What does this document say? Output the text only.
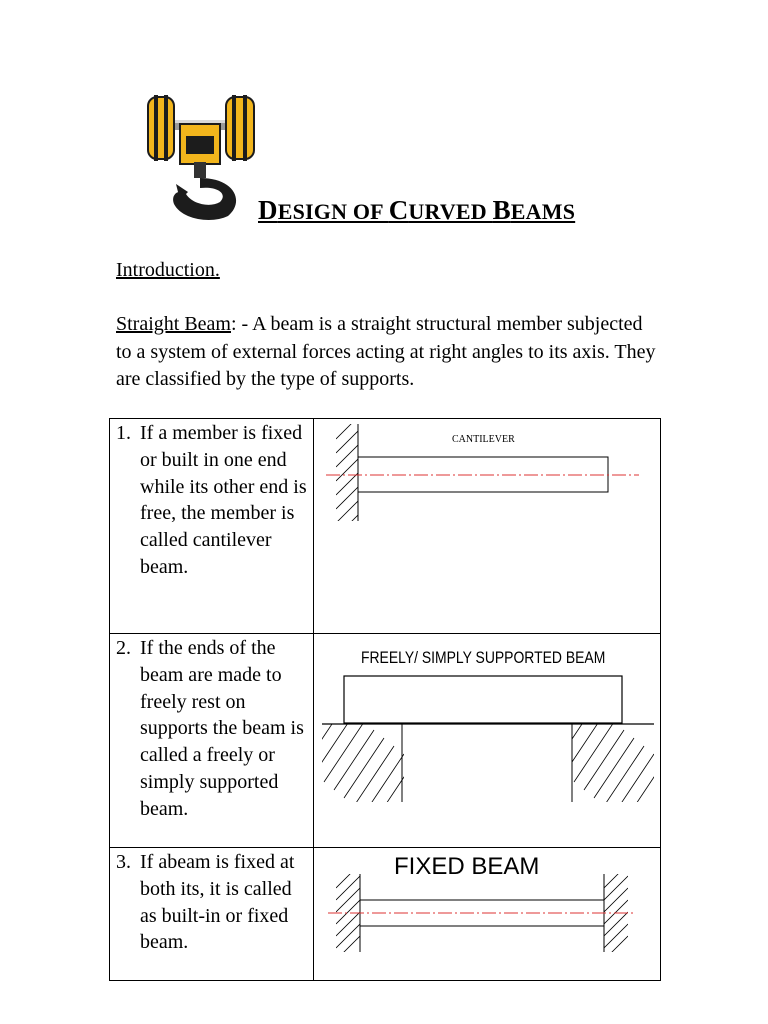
DESIGN OF CURVED BEAMS
Introduction.
Straight Beam: - A beam is a straight structural member subjected to a system of external forces acting at right angles to its axis. They are classified by the type of supports.
1. If a member is fixed or built in one end while its other end is free, the member is called cantilever beam.
CANTILEVER
2. If the ends of the beam are made to freely rest on supports the beam is called a freely or simply supported beam.
FREELY/ SIMPLY SUPPORTED BEAM
3. If abeam is fixed at both its, it is called as built-in or fixed beam.
FIXED BEAM
